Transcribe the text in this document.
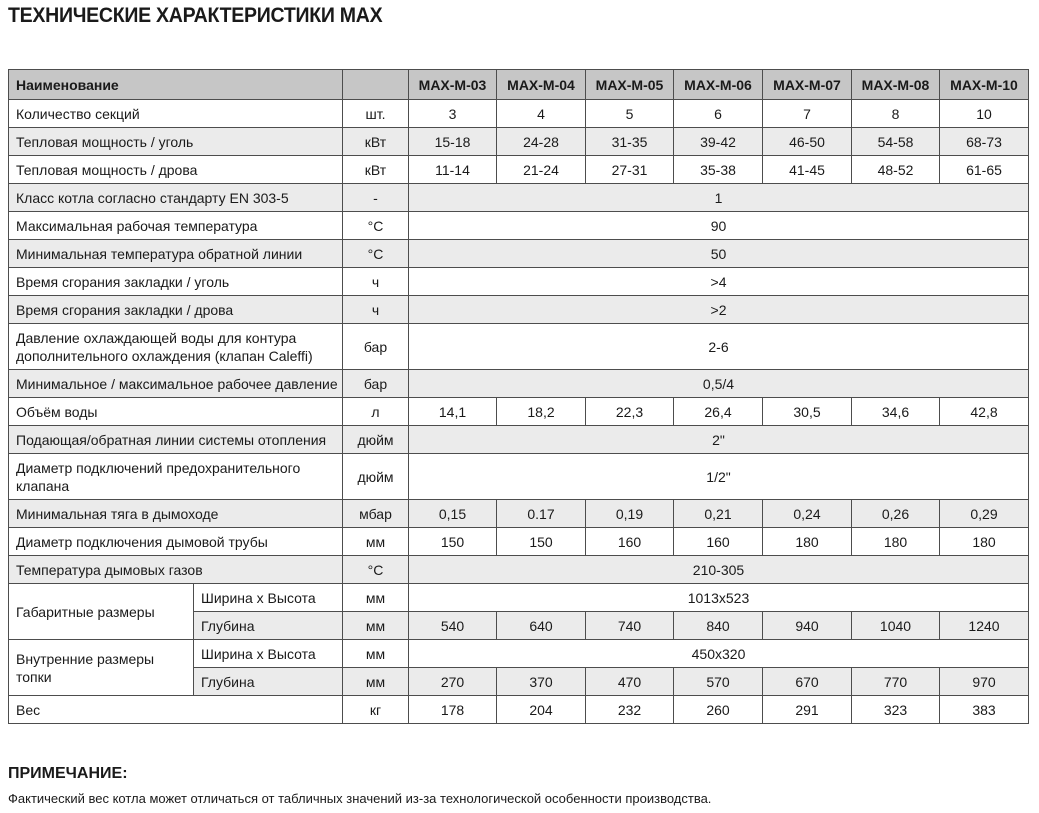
ТЕХНИЧЕСКИЕ ХАРАКТЕРИСТИКИ MAX
Наименование			MAX-M-03	MAX-M-04	MAX-M-05	MAX-M-06	MAX-M-07	MAX-M-08	MAX-M-10
Количество секций		шт.	3	4	5	6	7	8	10
Тепловая мощность / уголь		кВт	15-18	24-28	31-35	39-42	46-50	54-58	68-73
Тепловая мощность / дрова		кВт	11-14	21-24	27-31	35-38	41-45	48-52	61-65
Класс котла согласно стандарту EN 303-5		-	1						
Максимальная рабочая температура		°C	90						
Минимальная температура обратной линии		°C	50						
Время сгорания закладки / уголь		ч	>4						
Время сгорания закладки / дрова		ч	>2						
Давление охлаждающей воды для контура дополнительного охлаждения (клапан Caleffi)		бар	2-6						
Минимальное / максимальное рабочее давление		бар	0,5/4						
Объём воды		л	14,1	18,2	22,3	26,4	30,5	34,6	42,8
Подающая/обратная линии системы отопления		дюйм	2"						
Диаметр подключений предохранительного клапана		дюйм	1/2"						
Минимальная тяга в дымоходе		мбар	0,15	0.17	0,19	0,21	0,24	0,26	0,29
Диаметр подключения дымовой трубы		мм	150	150	160	160	180	180	180
Температура дымовых газов		°C	210-305						
Габаритные размеры	Ширина x Высота	мм	1013x523						
	Глубина	мм	540	640	740	840	940	1040	1240
Внутренние размеры топки	Ширина x Высота	мм	450x320						
	Глубина	мм	270	370	470	570	670	770	970
Вес		кг	178	204	232	260	291	323	383

ПРИМЕЧАНИЕ:

Фактический вес котла может отличаться от табличных значений из-за технологической особенности производства.
